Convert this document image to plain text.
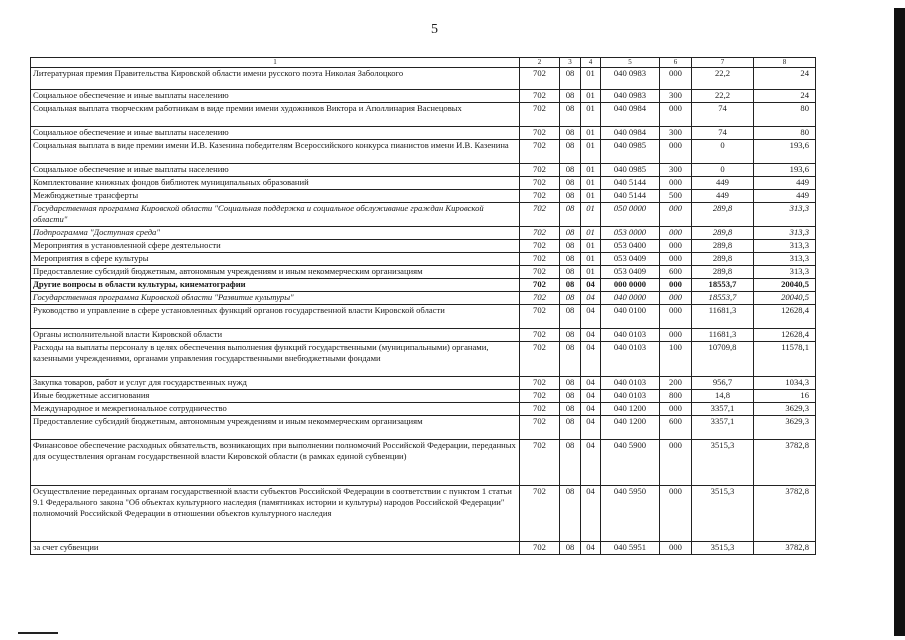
5
1	2	3	4	5	6	7	8
Литературная премия Правительства Кировской области имени русского поэта Николая Заболоцкого	702	08	01	040 0983	000	22,2	24
Социальное обеспечение и иные выплаты населению	702	08	01	040 0983	300	22,2	24
Социальная выплата творческим работникам в виде премии имени художников Виктора и Аполлинария Васнецовых	702	08	01	040 0984	000	74	80
Социальное обеспечение и иные выплаты населению	702	08	01	040 0984	300	74	80
Социальная выплата в виде премии имени И.В. Казенина победителям Всероссийского конкурса пианистов имени И.В. Казенина	702	08	01	040 0985	000	0	193,6
Социальное обеспечение и иные выплаты населению	702	08	01	040 0985	300	0	193,6
Комплектование книжных фондов библиотек муниципальных образований	702	08	01	040 5144	000	449	449
Межбюджетные трансферты	702	08	01	040 5144	500	449	449
Государственная программа Кировской области "Социальная поддержка и социальное обслуживание граждан Кировской области"	702	08	01	050 0000	000	289,8	313,3
Подпрограмма "Доступная среда"	702	08	01	053 0000	000	289,8	313,3
Мероприятия в установленной сфере деятельности	702	08	01	053 0400	000	289,8	313,3
Мероприятия в сфере культуры	702	08	01	053 0409	000	289,8	313,3
Предоставление субсидий бюджетным, автономным учреждениям и иным некоммерческим организациям	702	08	01	053 0409	600	289,8	313,3
Другие вопросы в области культуры, кинематографии	702	08	04	000 0000	000	18553,7	20040,5
Государственная программа Кировской области "Развитие культуры"	702	08	04	040 0000	000	18553,7	20040,5
Руководство и управление в сфере установленных функций органов государственной власти Кировской области	702	08	04	040 0100	000	11681,3	12628,4
Органы исполнительной власти Кировской области	702	08	04	040 0103	000	11681,3	12628,4
Расходы на выплаты персоналу в целях обеспечения выполнения функций государственными (муниципальными) органами, казенными учреждениями, органами управления государственными внебюджетными фондами	702	08	04	040 0103	100	10709,8	11578,1
Закупка товаров, работ и услуг для государственных нужд	702	08	04	040 0103	200	956,7	1034,3
Иные бюджетные ассигнования	702	08	04	040 0103	800	14,8	16
Международное и межрегиональное сотрудничество	702	08	04	040 1200	000	3357,1	3629,3
Предоставление субсидий бюджетным, автономным учреждениям и иным некоммерческим организациям	702	08	04	040 1200	600	3357,1	3629,3
Финансовое обеспечение расходных обязательств, возникающих при выполнении полномочий Российской Федерации, переданных для осуществления органам государственной власти Кировской области (в рамках единой субвенции)	702	08	04	040 5900	000	3515,3	3782,8
Осуществление переданных органам государственной власти субъектов Российской Федерации в соответствии с пунктом 1 статьи 9.1 Федерального закона "Об объектах культурного наследия (памятниках истории и культуры) народов Российской Федерации" полномочий Российской Федерации в отношении объектов культурного наследия	702	08	04	040 5950	000	3515,3	3782,8
за счет субвенции	702	08	04	040 5951	000	3515,3	3782,8
